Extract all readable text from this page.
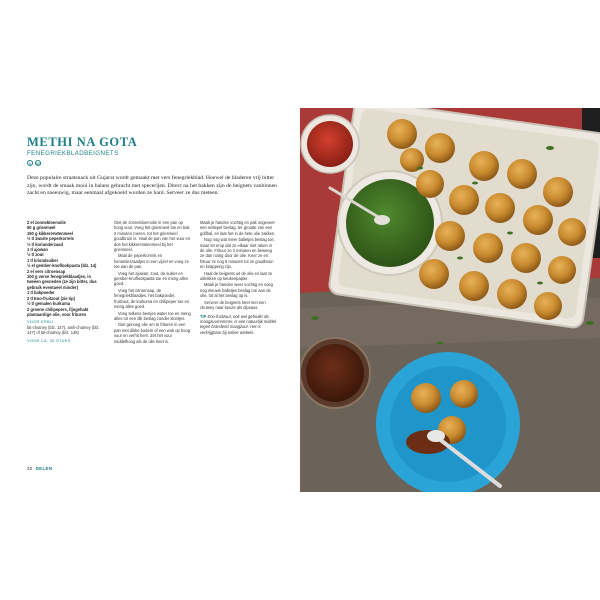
METHI NA GOTA
FENEGRIEKBLADBEIGNETS
V	VG
Deze populaire straatsnack uit Gujarat wordt gemaakt met vers fenegriekblad. Hoewel de bladeren vrij bitter zijn, wordt de smaak mooi in balans gebracht met specerijen. Direct na het bakken zijn de beignets vanbinnen zacht en sneeuwig, maar eenmaal afgekoeld worden ze hard. Serveer ze dus meteen.
2 el zonnebloemolie
50 g griesmeel
150 g kikkererwtenmeel
½ tl zwarte peperkorrels
½ tl korianderzaad
1 tl ajowan
½ tl zout
1 tl kristalsuiker
½ el gember-knoflookpasta (blz. 14)
2 el vers citroensap
100 g verse fenegriekblaadjes, in twee̋en gesneden (ze zijn bitter, dus gebruik eventueel minder)
1 tl bakpoeder
2 tl Eno-fruitzout (zie tip)
½ tl gemalen kurkuma
2 groene chilipepers, fijngehakt
plantaardige olie, voor frituren
VOOR ERBIJ
bit-chutney (blz. 147), amli-chutney (blz. 147) of lal-chutney (blz. 148)
VOOR CA. 35 STUKS

Giet de zonnebloemolie in een pan op hoog vuur. Voeg het griesmeel toe en bak 2 minuten roeren, tot het griesmeel goudbruin is. Haal de pan van het vuur en doe het kikkererwtenmeel bij het griesmeel.

Maal de peperkorrels en korianderzaadjes in een vijzel en voeg ze toe aan de pan.

Voeg het ajowan, zout, de suiker en gember-knoflookpasta toe en meng alles goed.

Voeg het citroensap, de fenegriekblaadjes, het bakpoeder, fruitzout, de kurkuma en chilipeper toe en meng alles goed.

Voeg telkens beetjes water toe en meng alles tot een dik beslag zonder klontjes.

Giet genoeg olie om te frituren in een pan met dikke bodem of een wok op hoog vuur en verhit hem. Zet het vuur middelhoog als de olie heet is.

Maak je handen vochtig en pak ongeveer een eetlepel beslag, ter grootte van een golfbal, en laat het in de hete olie zakken.

Nog nog wat meer balletjes beslag toe, maar let erop dat ze elkaar niet raken in de olie. Frituur ze 2 minuten en beweeg ze dan rustig door de olie. Keer ze en frituur ze nog 5 minuten tot ze goudbruin en knapperig zijn.

Haal de beignets uit de olie en laat ze uitlekken op keukenpapier.

Maak je handen weer vochtig en voeg nog nieuwe balletjes beslag toe aan de olie, tot al het beslag op is.

Serveer de beignets heet met een chutney naar keuze als dipsaus.

TIP Eno-fruitzout, ook wel gebruikt als maagzuurremmer, is een natuurlijk middel tegen brandend maagzuur. Het is verkrijgbaar bij online winkels.

32 DELEN
